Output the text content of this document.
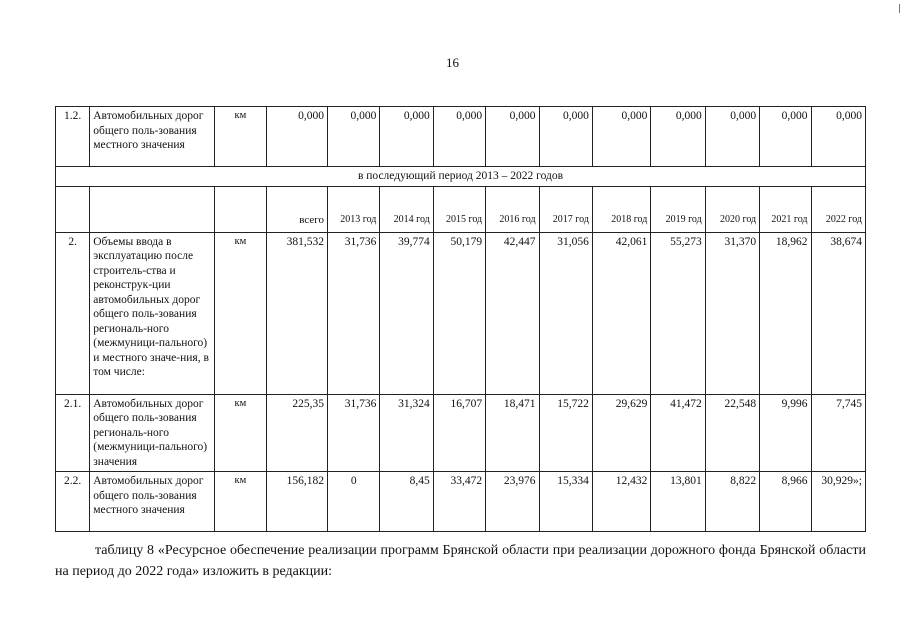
16
1.2.	Автомобильных дорог общего поль-зования местного значения	км	0,000	0,000	0,000	0,000	0,000	0,000	0,000	0,000	0,000	0,000	0,000
в последующий период 2013 – 2022 годов													
			всего	2013 год	2014 год	2015 год	2016 год	2017 год	2018 год	2019 год	2020 год	2021 год	2022 год
2.	Объемы ввода в эксплуатацию после строитель-ства и реконструк-ции автомобильных дорог общего поль-зования региональ-ного (межмуници-пального) и местного значе-ния, в том числе:	км	381,532	31,736	39,774	50,179	42,447	31,056	42,061	55,273	31,370	18,962	38,674
2.1.	Автомобильных дорог общего поль-зования региональ-ного (межмуници-пального) значения	км	225,35	31,736	31,324	16,707	18,471	15,722	29,629	41,472	22,548	9,996	7,745
2.2.	Автомобильных дорог общего поль-зования местного значения	км	156,182	0	8,45	33,472	23,976	15,334	12,432	13,801	8,822	8,966	30,929»;

таблицу 8 «Ресурсное обеспечение реализации программ Брянской области при реализации дорожного фонда Брянской области на период до 2022 года» изложить в редакции:
